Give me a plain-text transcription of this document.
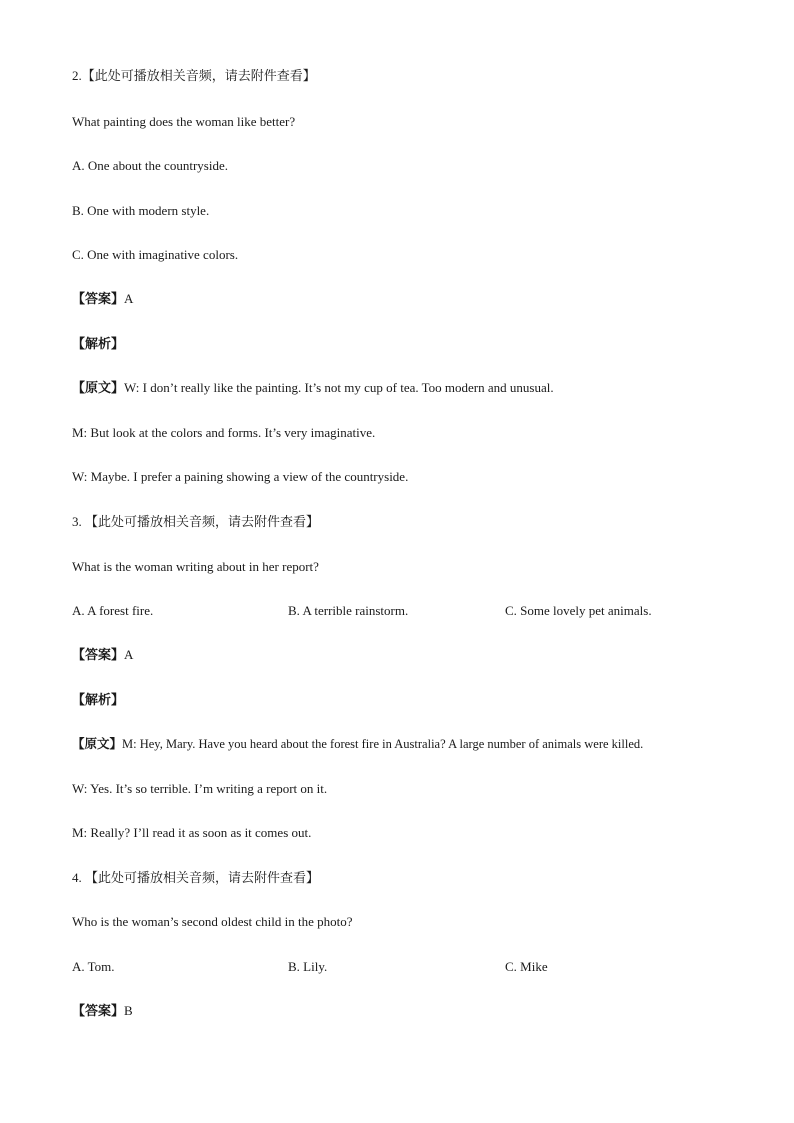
2.【此处可播放相关音频，请去附件查看】

What painting does the woman like better?

A. One about the countryside.

B. One with modern style.

C. One with imaginative colors.

【答案】A

【解析】

【原文】W: I don’t really like the painting. It’s not my cup of tea. Too modern and unusual.

M: But look at the colors and forms. It’s very imaginative.

W: Maybe. I prefer a paining showing a view of the countryside.

3. 【此处可播放相关音频，请去附件查看】

What is the woman writing about in her report?

A. A forest fire.	B. A terrible rainstorm.	C. Some lovely pet animals.

【答案】A

【解析】

【原文】M: Hey, Mary. Have you heard about the forest fire in Australia? A large number of animals were killed.

W: Yes. It’s so terrible. I’m writing a report on it.

M: Really? I’ll read it as soon as it comes out.

4. 【此处可播放相关音频，请去附件查看】

Who is the woman’s second oldest child in the photo?

A. Tom.	B. Lily.	C. Mike

【答案】B
